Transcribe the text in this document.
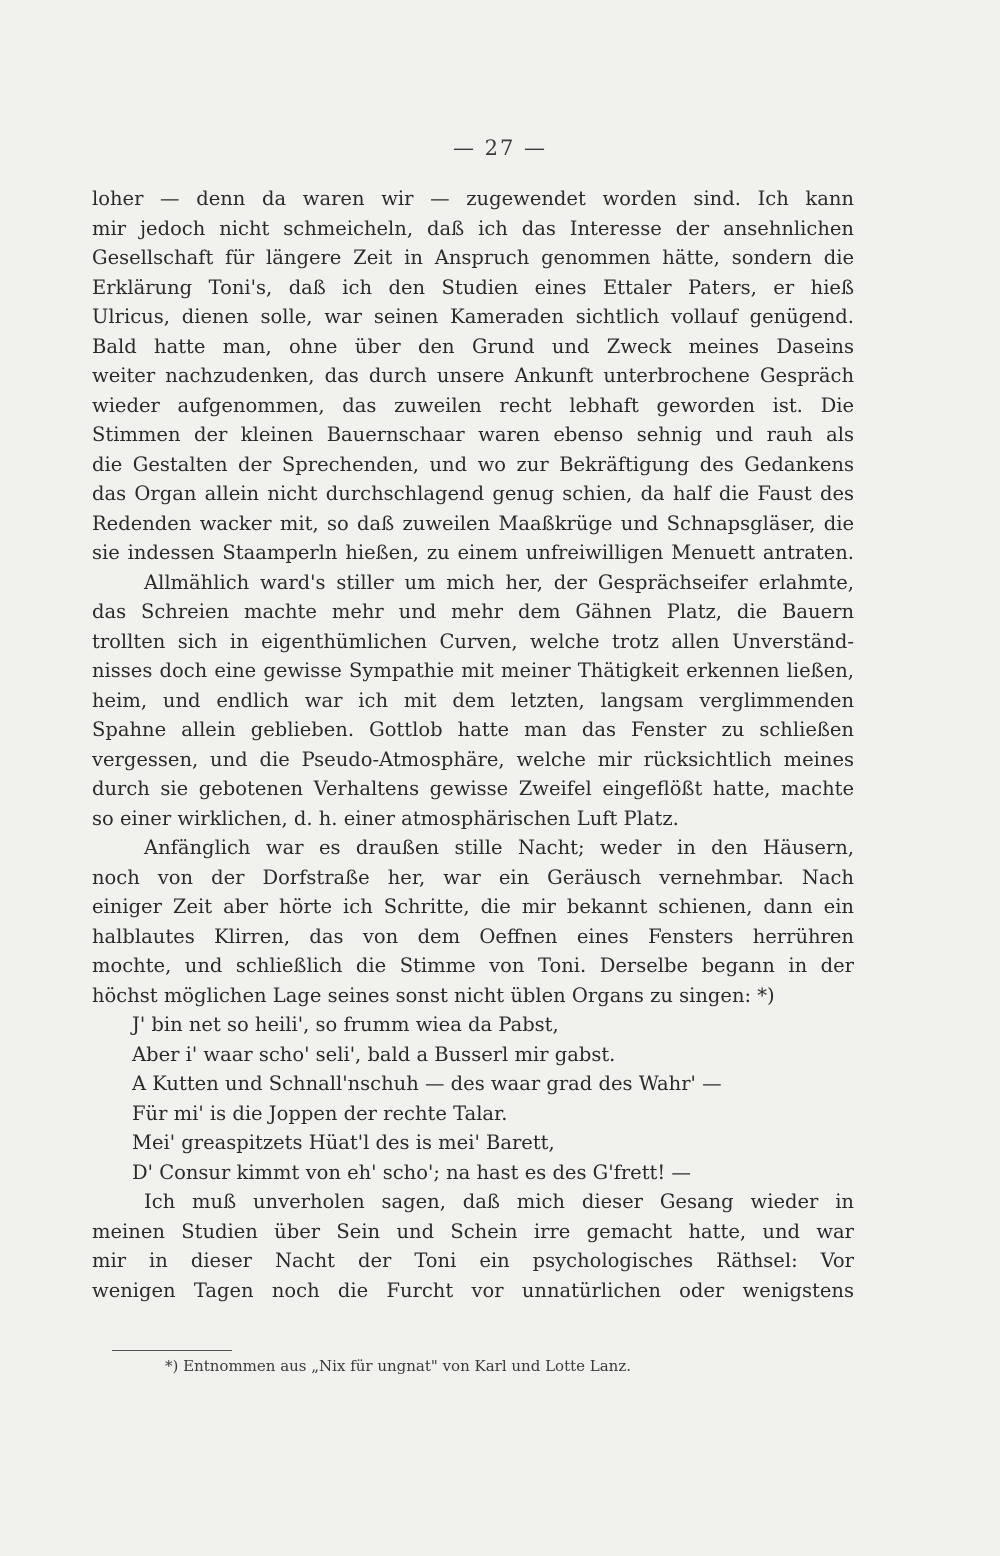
— 27 —
loher — denn da waren wir — zugewendet worden sind. Ich kann
mir jedoch nicht schmeicheln, daß ich das Interesse der ansehnlichen
Gesellschaft für längere Zeit in Anspruch genommen hätte, sondern die
Erklärung Toni's, daß ich den Studien eines Ettaler Paters, er hieß
Ulricus, dienen solle, war seinen Kameraden sichtlich vollauf genügend.
Bald hatte man, ohne über den Grund und Zweck meines Daseins
weiter nachzudenken, das durch unsere Ankunft unterbrochene Gespräch
wieder aufgenommen, das zuweilen recht lebhaft geworden ist. Die
Stimmen der kleinen Bauernschaar waren ebenso sehnig und rauh als
die Gestalten der Sprechenden, und wo zur Bekräftigung des Gedankens
das Organ allein nicht durchschlagend genug schien, da half die Faust des
Redenden wacker mit, so daß zuweilen Maaßkrüge und Schnapsgläser, die
sie indessen Staamperln hießen, zu einem unfreiwilligen Menuett antraten.
Allmählich ward's stiller um mich her, der Gesprächseifer erlahmte,
das Schreien machte mehr und mehr dem Gähnen Platz, die Bauern
trollten sich in eigenthümlichen Curven, welche trotz allen Unverständ-
nisses doch eine gewisse Sympathie mit meiner Thätigkeit erkennen ließen,
heim, und endlich war ich mit dem letzten, langsam verglimmenden
Spahne allein geblieben. Gottlob hatte man das Fenster zu schließen
vergessen, und die Pseudo-Atmosphäre, welche mir rücksichtlich meines
durch sie gebotenen Verhaltens gewisse Zweifel eingeflößt hatte, machte
so einer wirklichen, d. h. einer atmosphärischen Luft Platz.
Anfänglich war es draußen stille Nacht; weder in den Häusern,
noch von der Dorfstraße her, war ein Geräusch vernehmbar. Nach
einiger Zeit aber hörte ich Schritte, die mir bekannt schienen, dann ein
halblautes Klirren, das von dem Oeffnen eines Fensters herrühren
mochte, und schließlich die Stimme von Toni. Derselbe begann in der
höchst möglichen Lage seines sonst nicht üblen Organs zu singen: *)
J' bin net so heili', so frumm wiea da Pabst,
Aber i' waar scho' seli', bald a Busserl mir gabst.
A Kutten und Schnall'nschuh — des waar grad des Wahr' —
Für mi' is die Joppen der rechte Talar.
Mei' greaspitzets Hüat'l des is mei' Barett,
D' Consur kimmt von eh' scho'; na hast es des G'frett! —
Ich muß unverholen sagen, daß mich dieser Gesang wieder in
meinen Studien über Sein und Schein irre gemacht hatte, und war
mir in dieser Nacht der Toni ein psychologisches Räthsel: Vor
wenigen Tagen noch die Furcht vor unnatürlichen oder wenigstens
*) Entnommen aus „Nix für ungnat" von Karl und Lotte Lanz.
